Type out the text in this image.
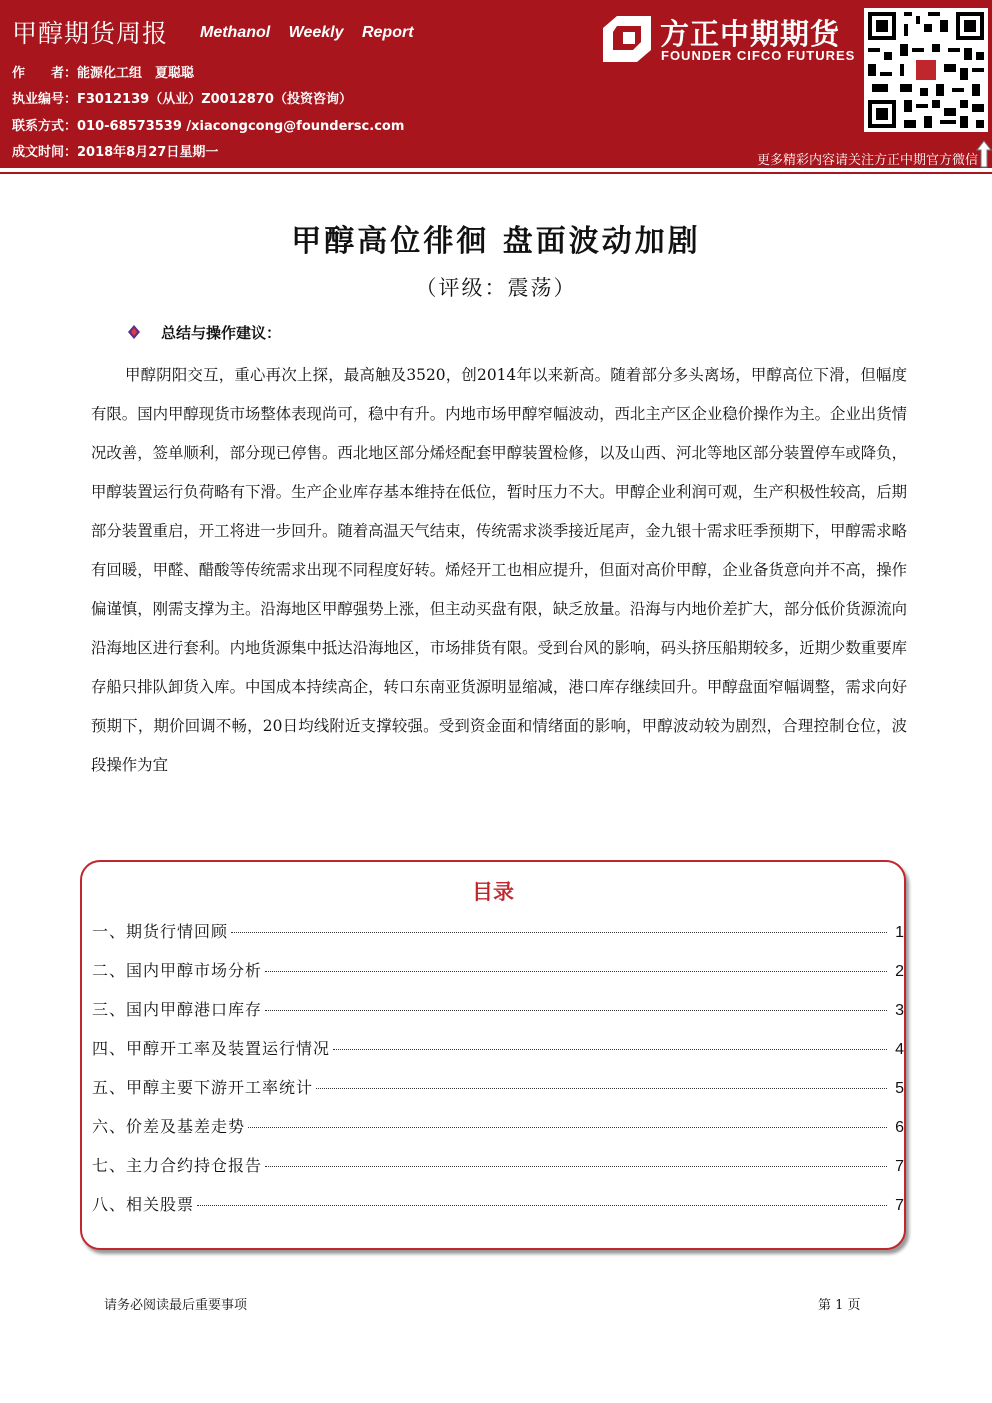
甲醇期货周报 Methanol Weekly Report
作　　者：能源化工组　夏聪聪
执业编号：F3012139（从业）Z0012870（投资咨询）
联系方式：010-68573539 /xiacongcong@foundersc.com
成文时间：2018年8月27日星期一
方正中期期货
FOUNDER CIFCO FUTURES
更多精彩内容请关注方正中期官方微信
甲醇高位徘徊 盘面波动加剧
（评级：震荡）
总结与操作建议：
甲醇阴阳交互，重心再次上探，最高触及3520，创2014年以来新高。随着部分多头离场，甲醇高位下滑，但幅度有限。国内甲醇现货市场整体表现尚可，稳中有升。内地市场甲醇窄幅波动，西北主产区企业稳价操作为主。企业出货情况改善，签单顺利，部分现已停售。西北地区部分烯烃配套甲醇装置检修，以及山西、河北等地区部分装置停车或降负，甲醇装置运行负荷略有下滑。生产企业库存基本维持在低位，暂时压力不大。甲醇企业利润可观，生产积极性较高，后期部分装置重启，开工将进一步回升。随着高温天气结束，传统需求淡季接近尾声，金九银十需求旺季预期下，甲醇需求略有回暖，甲醛、醋酸等传统需求出现不同程度好转。烯烃开工也相应提升，但面对高价甲醇，企业备货意向并不高，操作偏谨慎，刚需支撑为主。沿海地区甲醇强势上涨，但主动买盘有限，缺乏放量。沿海与内地价差扩大，部分低价货源流向沿海地区进行套利。内地货源集中抵达沿海地区，市场排货有限。受到台风的影响，码头挤压船期较多，近期少数重要库存船只排队卸货入库。中国成本持续高企，转口东南亚货源明显缩减，港口库存继续回升。甲醇盘面窄幅调整，需求向好预期下，期价回调不畅，20日均线附近支撑较强。受到资金面和情绪面的影响，甲醇波动较为剧烈，合理控制仓位，波段操作为宜
目录
一、期货行情回顾	1
二、国内甲醇市场分析	2
三、国内甲醇港口库存	3
四、甲醇开工率及装置运行情况	4
五、甲醇主要下游开工率统计	5
六、价差及基差走势	6
七、主力合约持仓报告	7
八、相关股票	7
请务必阅读最后重要事项	第 1 页
